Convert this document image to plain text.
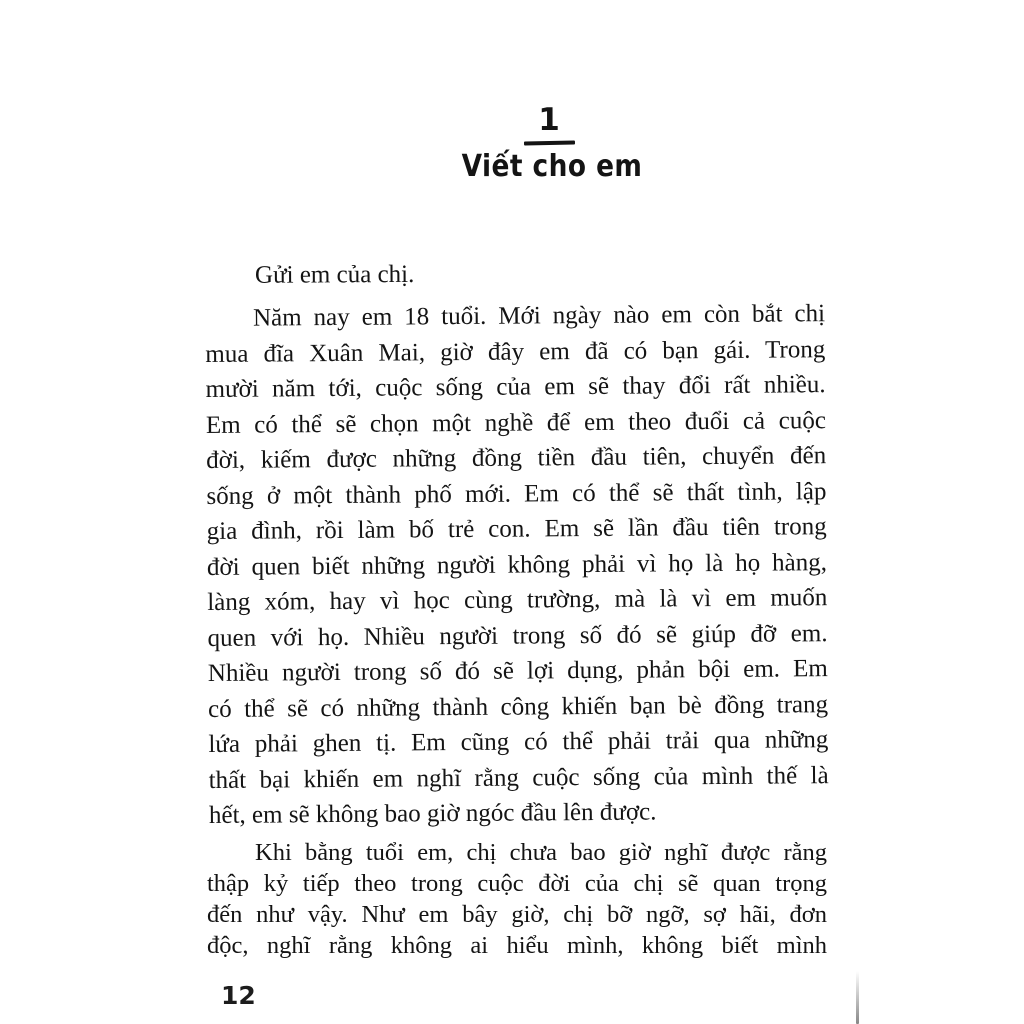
1
Viết cho em
Gửi em của chị.
Năm nay em 18 tuổi. Mới ngày nào em còn bắt chị
mua đĩa Xuân Mai, giờ đây em đã có bạn gái. Trong
mười năm tới, cuộc sống của em sẽ thay đổi rất nhiều.
Em có thể sẽ chọn một nghề để em theo đuổi cả cuộc
đời, kiếm được những đồng tiền đầu tiên, chuyển đến
sống ở một thành phố mới. Em có thể sẽ thất tình, lập
gia đình, rồi làm bố trẻ con. Em sẽ lần đầu tiên trong
đời quen biết những người không phải vì họ là họ hàng,
làng xóm, hay vì học cùng trường, mà là vì em muốn
quen với họ. Nhiều người trong số đó sẽ giúp đỡ em.
Nhiều người trong số đó sẽ lợi dụng, phản bội em. Em
có thể sẽ có những thành công khiến bạn bè đồng trang
lứa phải ghen tị. Em cũng có thể phải trải qua những
thất bại khiến em nghĩ rằng cuộc sống của mình thế là
hết, em sẽ không bao giờ ngóc đầu lên được.
Khi bằng tuổi em, chị chưa bao giờ nghĩ được rằng
thập kỷ tiếp theo trong cuộc đời của chị sẽ quan trọng
đến như vậy. Như em bây giờ, chị bỡ ngỡ, sợ hãi, đơn
độc, nghĩ rằng không ai hiểu mình, không biết mình
12
